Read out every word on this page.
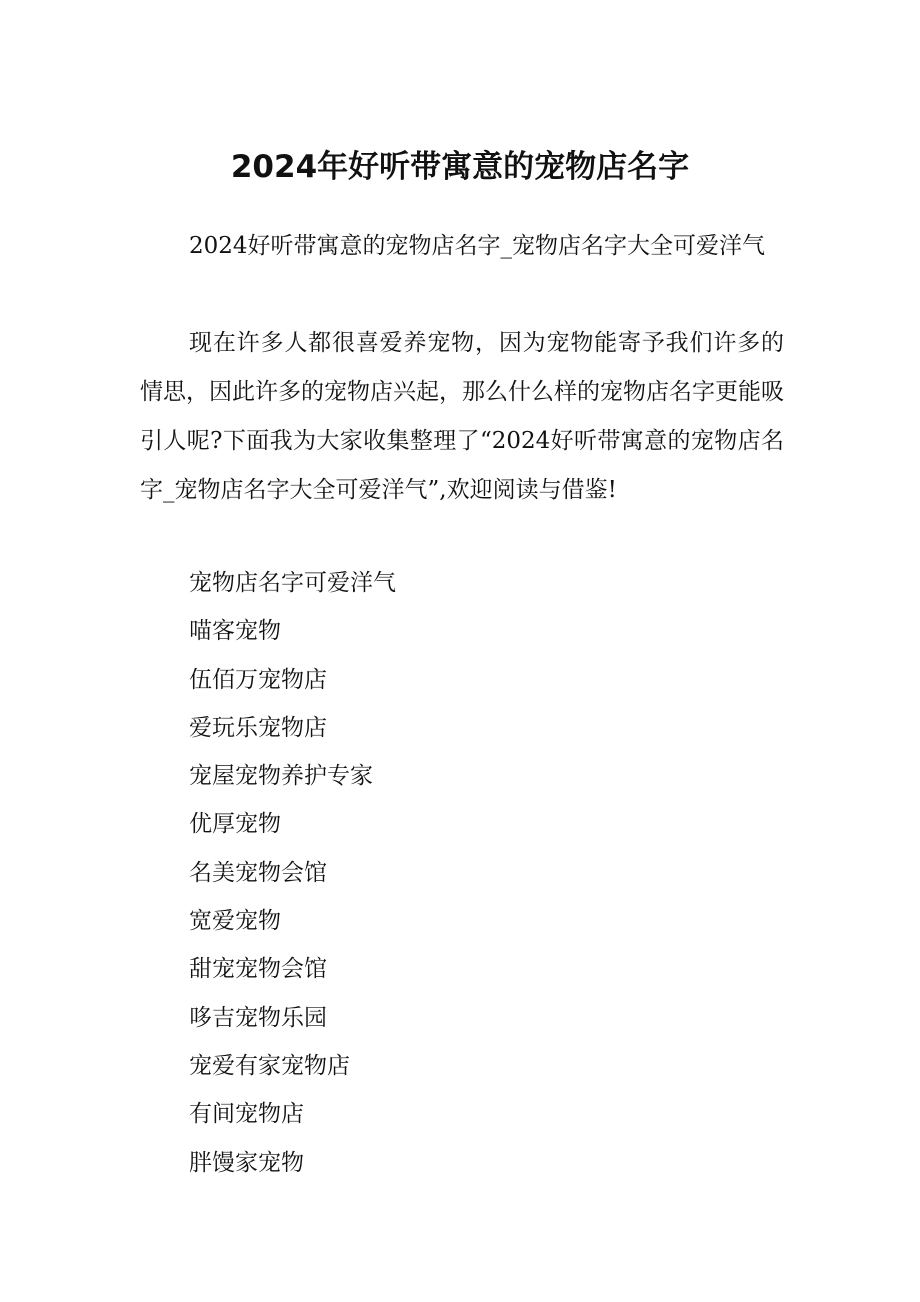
2024年好听带寓意的宠物店名字

2024好听带寓意的宠物店名字_宠物店名字大全可爱洋气

现在许多人都很喜爱养宠物，因为宠物能寄予我们许多的情思，因此许多的宠物店兴起，那么什么样的宠物店名字更能吸引人呢?下面我为大家收集整理了“2024好听带寓意的宠物店名字_宠物店名字大全可爱洋气”,欢迎阅读与借鉴!

宠物店名字可爱洋气
喵客宠物
伍佰万宠物店
爱玩乐宠物店
宠屋宠物养护专家
优厚宠物
名美宠物会馆
宽爱宠物
甜宠宠物会馆
哆吉宠物乐园
宠爱有家宠物店
有间宠物店
胖馒家宠物
